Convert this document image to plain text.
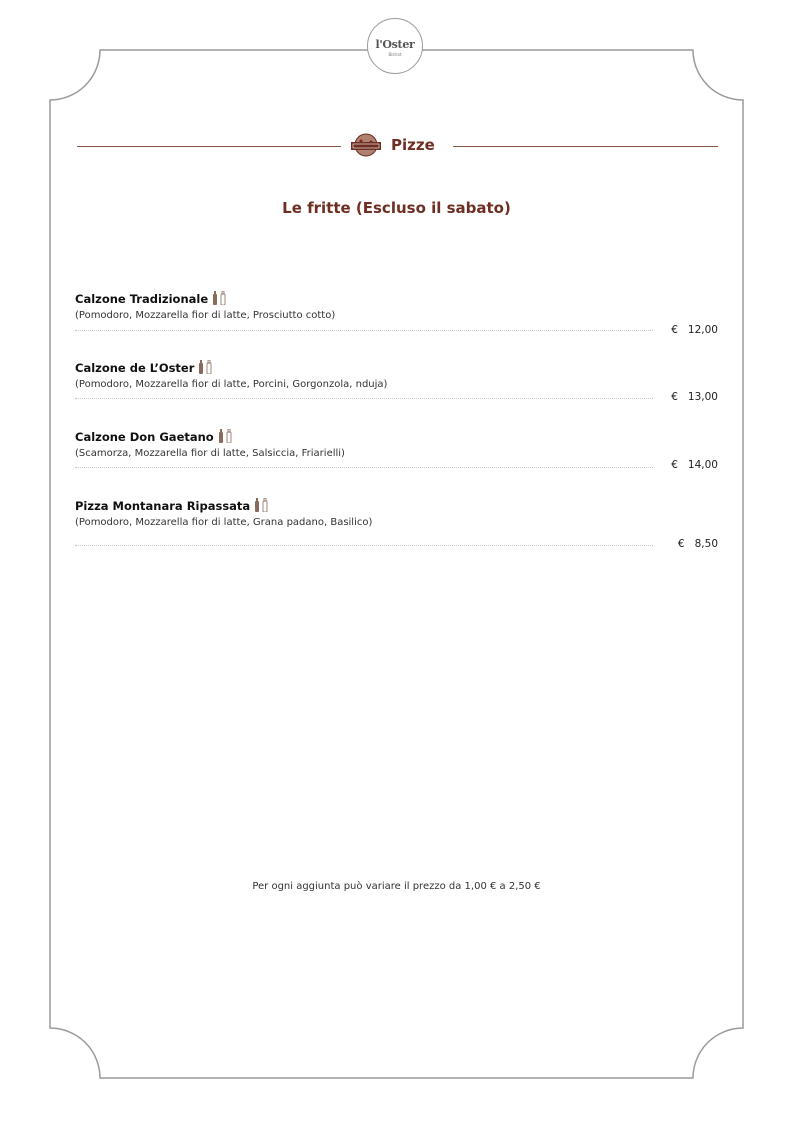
l'Oster
Bistrot
Pizze
Le fritte (Escluso il sabato)
Calzone Tradizionale
(Pomodoro, Mozzarella fior di latte, Prosciutto cotto)
€   12,00
Calzone de L’Oster
(Pomodoro, Mozzarella fior di latte, Porcini, Gorgonzola, nduja)
€   13,00
Calzone Don Gaetano
(Scamorza, Mozzarella fior di latte, Salsiccia, Friarielli)
€   14,00
Pizza Montanara Ripassata
(Pomodoro, Mozzarella fior di latte, Grana padano, Basilico)
€   8,50
Per ogni aggiunta può variare il prezzo da 1,00 € a 2,50 €
